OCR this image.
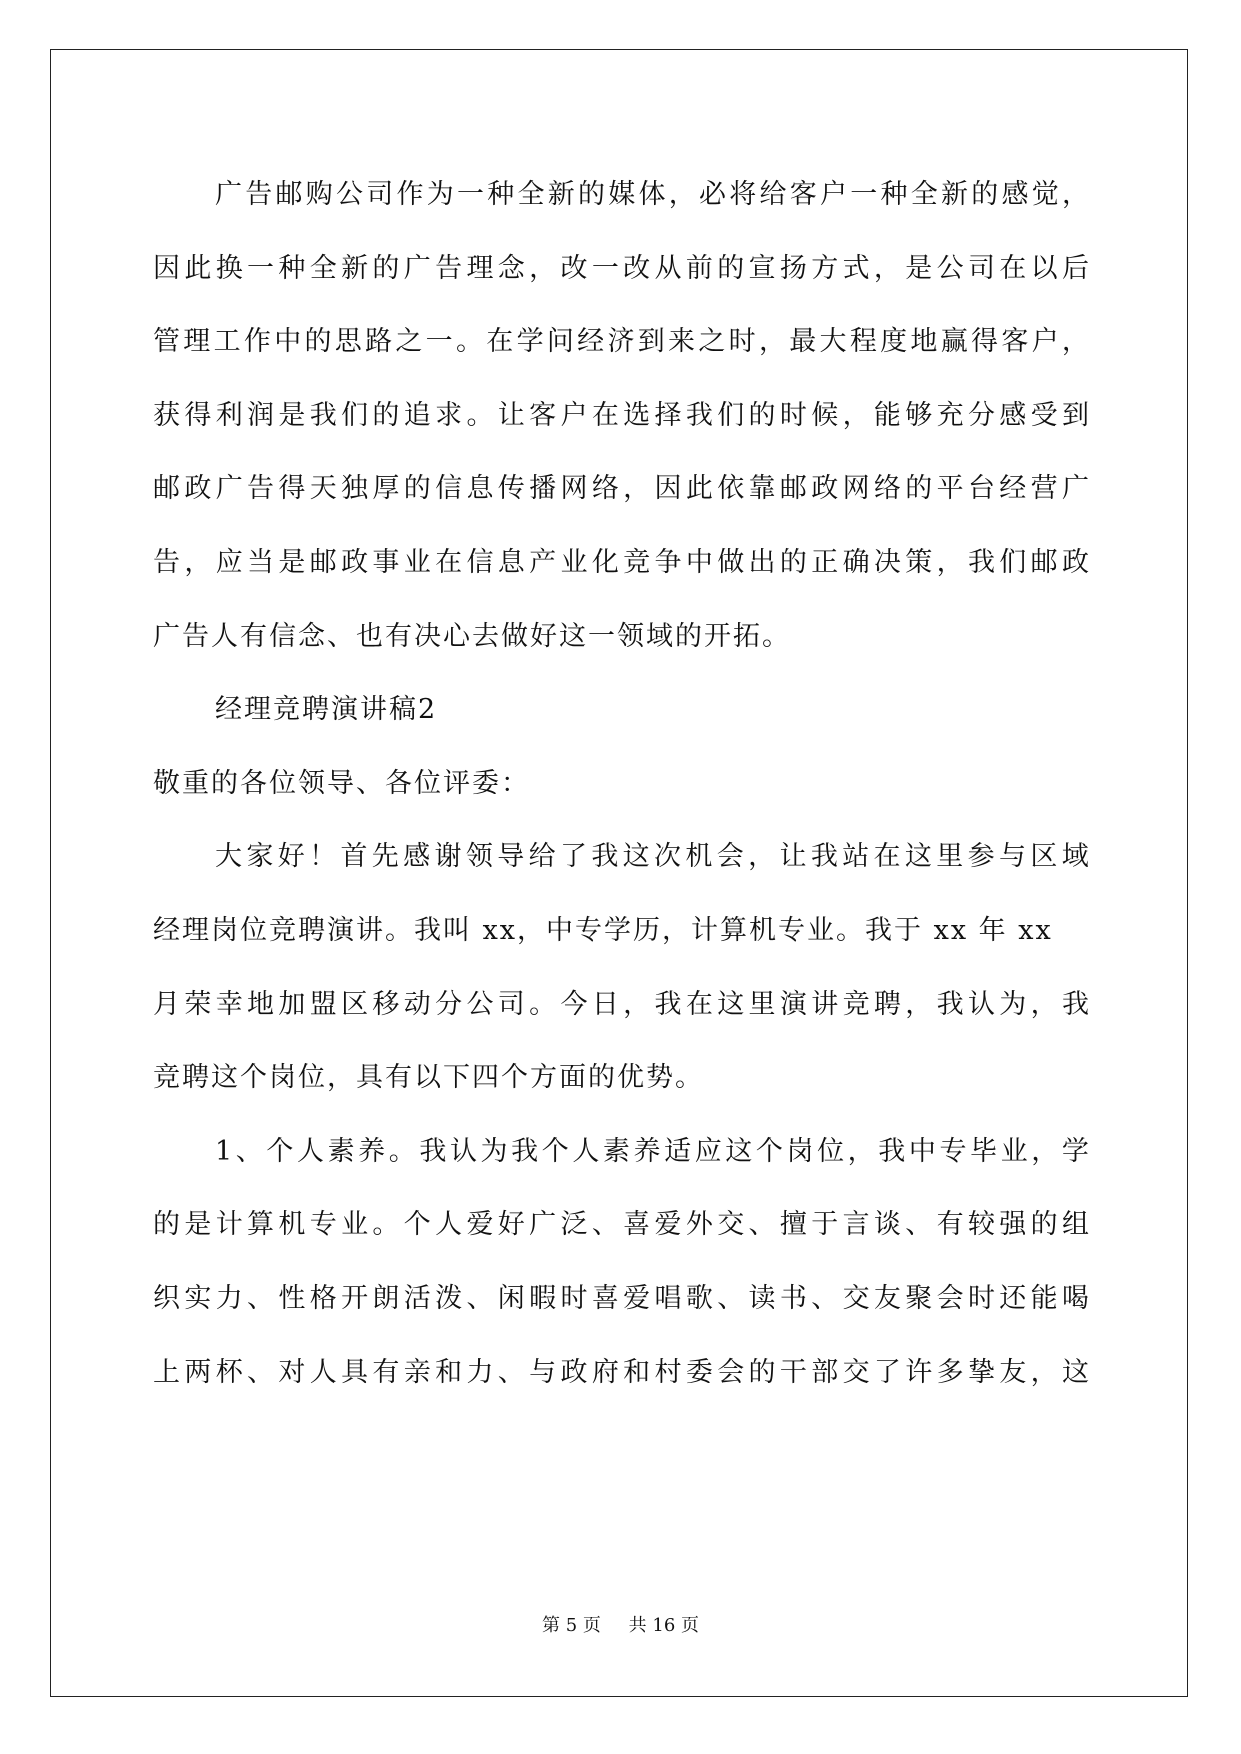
广 告 邮 购 公 司 作 为 一 种 全 新 的 媒 体 ， 必 将 给 客 户 一 种 全 新 的 感 觉 ，
因 此 换 一 种 全 新 的 广 告 理 念 ， 改 一 改 从 前 的 宣 扬 方 式 ， 是 公 司 在 以 后
管 理 工 作 中 的 思 路 之 一 。 在 学 问 经 济 到 来 之 时 ， 最 大 程 度 地 赢 得 客 户 ，
获 得 利 润 是 我 们 的 追 求 。 让 客 户 在 选 择 我 们 的 时 候 ， 能 够 充 分 感 受 到
邮 政 广 告 得 天 独 厚 的 信 息 传 播 网 络 ， 因 此 依 靠 邮 政 网 络 的 平 台 经 营 广
告 ， 应 当 是 邮 政 事 业 在 信 息 产 业 化 竞 争 中 做 出 的 正 确 决 策 ， 我 们 邮 政
广告人有信念、也有决心去做好这一领域的开拓。
经理竞聘演讲稿2
敬重的各位领导、各位评委：
大 家 好 ！ 首 先 感 谢 领 导 给 了 我 这 次 机 会 ， 让 我 站 在 这 里 参 与 区 域
经理岗位竞聘演讲。我叫 xx，中专学历，计算机专业。我于 xx 年 xx
月 荣 幸 地 加 盟 区 移 动 分 公 司 。 今 日 ， 我 在 这 里 演 讲 竞 聘 ， 我 认 为 ， 我
竞聘这个岗位，具有以下四个方面的优势。
1 、 个 人 素 养 。 我 认 为 我 个 人 素 养 适 应 这 个 岗 位 ， 我 中 专 毕 业 ， 学
的 是 计 算 机 专 业 。 个 人 爱 好 广 泛 、 喜 爱 外 交 、 擅 于 言 谈 、 有 较 强 的 组
织 实 力 、 性 格 开 朗 活 泼 、 闲 暇 时 喜 爱 唱 歌 、 读 书 、 交 友 聚 会 时 还 能 喝
上 两 杯 、 对 人 具 有 亲 和 力 、 与 政 府 和 村 委 会 的 干 部 交 了 许 多 挚 友 ， 这
第 5 页 共 16 页
